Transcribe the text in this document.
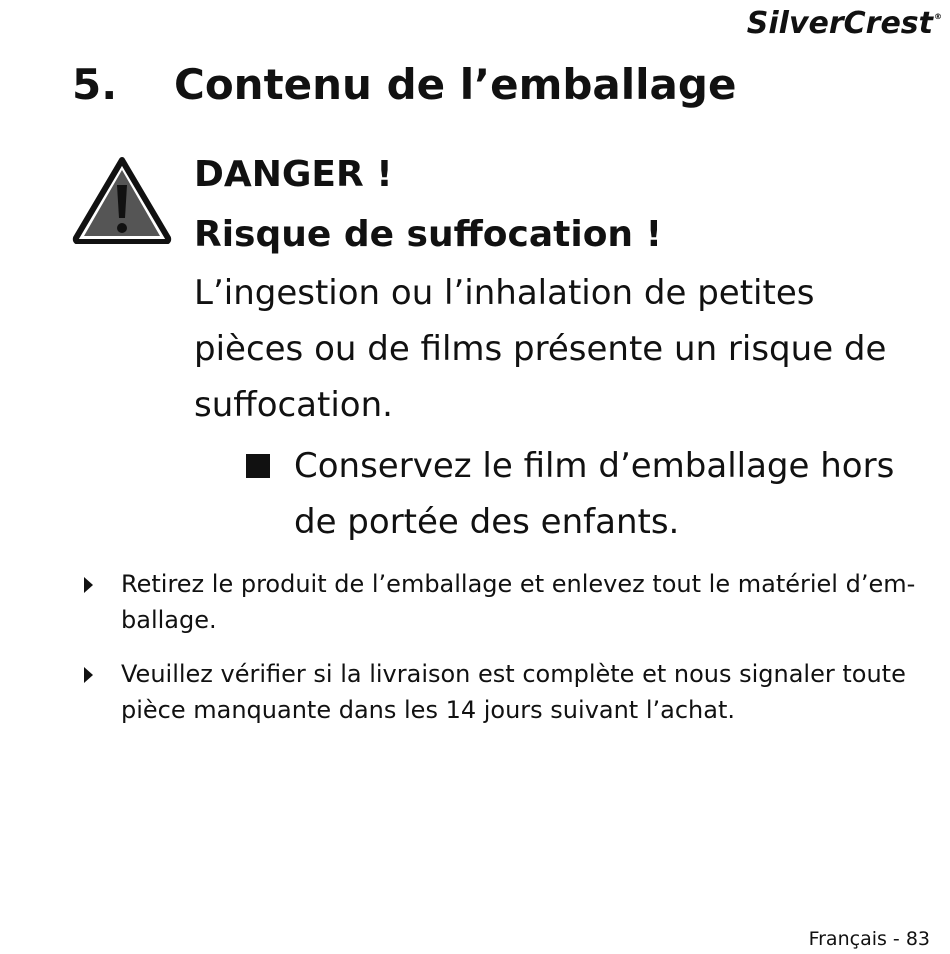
SilverCrest®
5.	Contenu de l’emballage
DANGER !
Risque de suffocation !
L’ingestion ou l’inhalation de petites pièces ou de films présente un risque de suffocation.
Conservez le film d’emballage hors de portée des enfants.
Retirez le produit de l’emballage et enlevez tout le matériel d’emballage.
Veuillez vérifier si la livraison est complète et nous signaler toute pièce manquante dans les 14 jours suivant l’achat.
Français - 83
